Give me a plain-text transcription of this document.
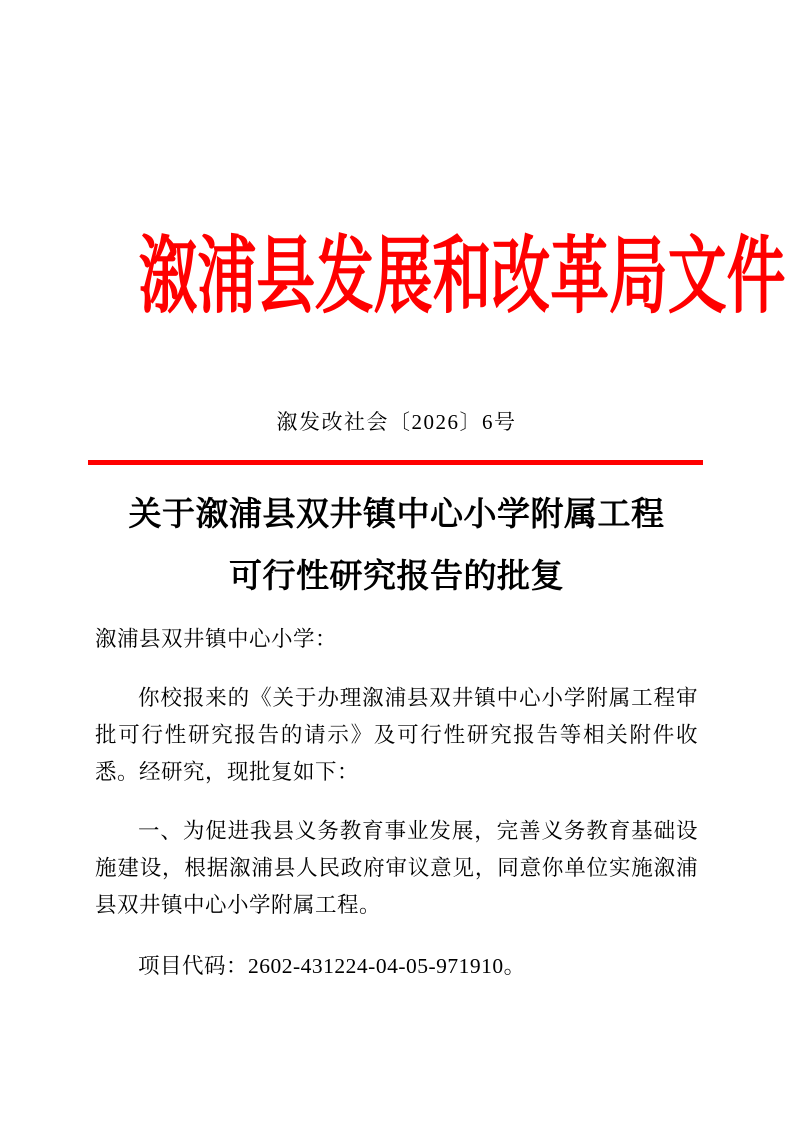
溆浦县发展和改革局文件
溆发改社会〔2026〕6号
关于溆浦县双井镇中心小学附属工程
可行性研究报告的批复
溆浦县双井镇中心小学：

你校报来的《关于办理溆浦县双井镇中心小学附属工程审批可行性研究报告的请示》及可行性研究报告等相关附件收悉。经研究，现批复如下：

一、为促进我县义务教育事业发展，完善义务教育基础设施建设，根据溆浦县人民政府审议意见，同意你单位实施溆浦县双井镇中心小学附属工程。

项目代码：2602-431224-04-05-971910。
